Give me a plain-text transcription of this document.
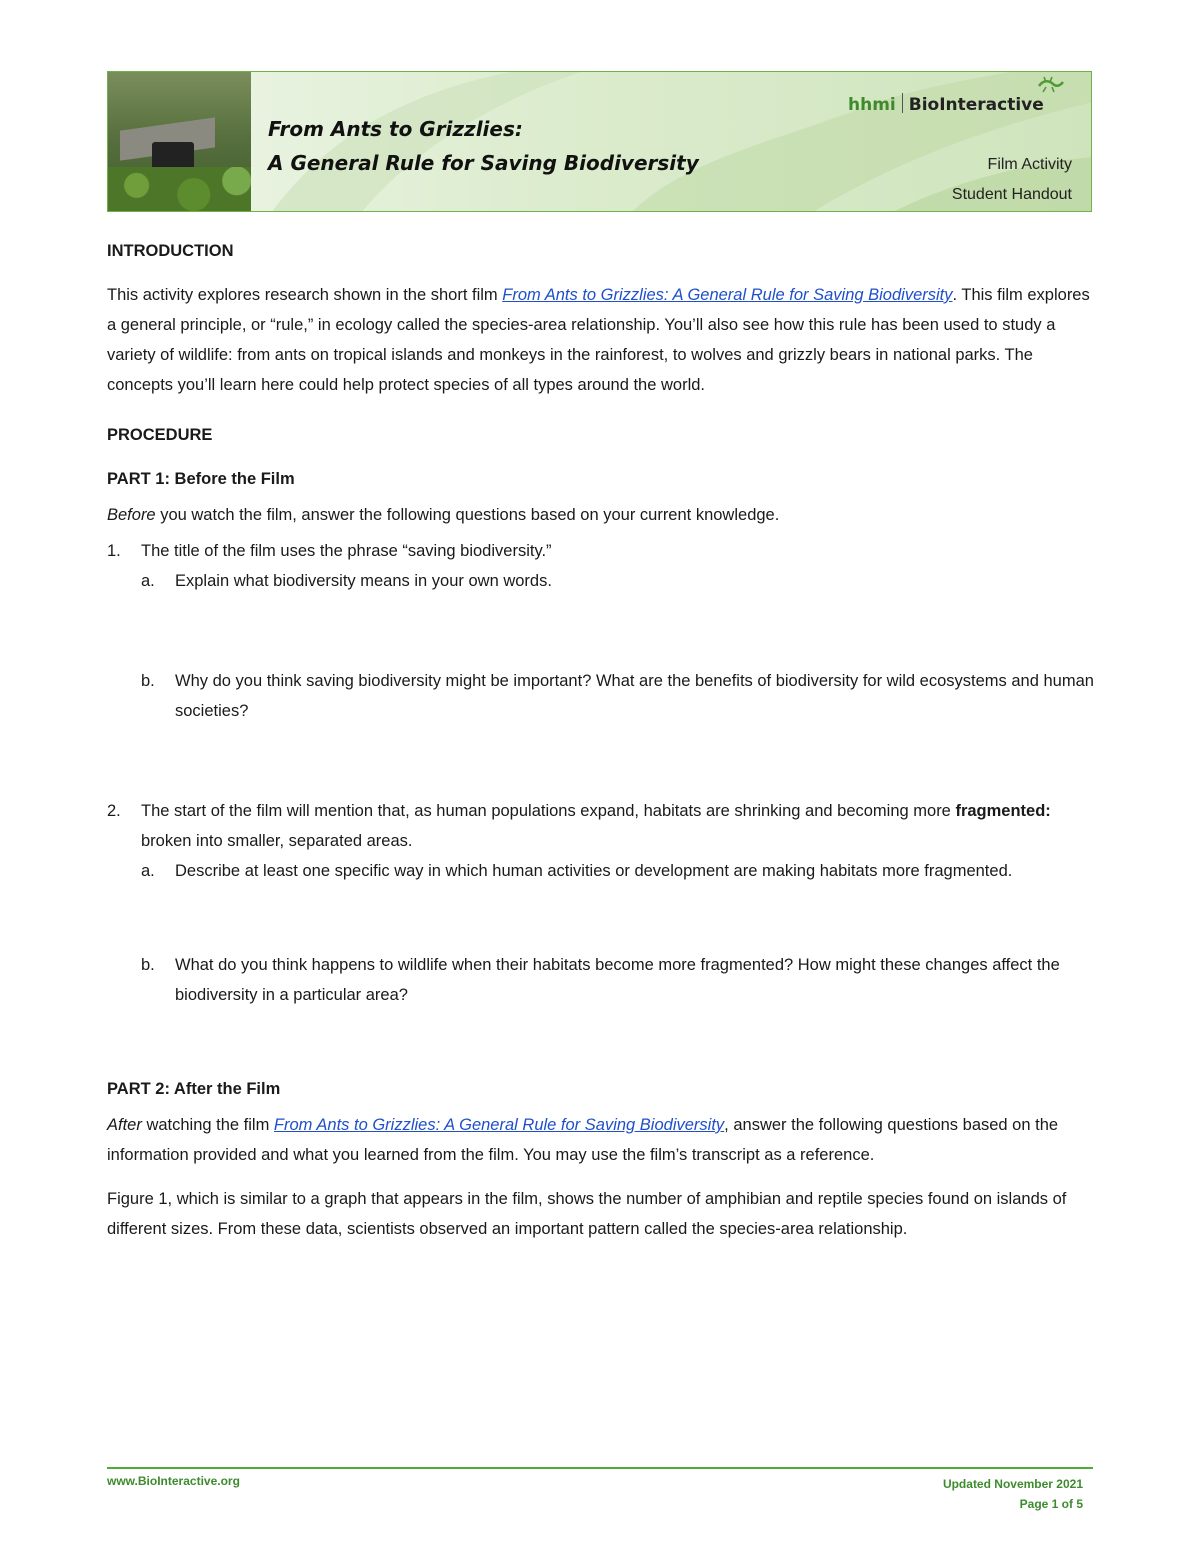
From Ants to Grizzlies:
A General Rule for Saving Biodiversity
hhmi BioInteractive
Film Activity
Student Handout

INTRODUCTION

This activity explores research shown in the short film From Ants to Grizzlies: A General Rule for Saving Biodiversity. This film explores a general principle, or “rule,” in ecology called the species-area relationship. You’ll also see how this rule has been used to study a variety of wildlife: from ants on tropical islands and monkeys in the rainforest, to wolves and grizzly bears in national parks. The concepts you’ll learn here could help protect species of all types around the world.

PROCEDURE

PART 1: Before the Film

Before you watch the film, answer the following questions based on your current knowledge.

1. The title of the film uses the phrase “saving biodiversity.”
a. Explain what biodiversity means in your own words.
b. Why do you think saving biodiversity might be important? What are the benefits of biodiversity for wild ecosystems and human societies?
2. The start of the film will mention that, as human populations expand, habitats are shrinking and becoming more fragmented: broken into smaller, separated areas.
a. Describe at least one specific way in which human activities or development are making habitats more fragmented.
b. What do you think happens to wildlife when their habitats become more fragmented? How might these changes affect the biodiversity in a particular area?

PART 2: After the Film

After watching the film From Ants to Grizzlies: A General Rule for Saving Biodiversity, answer the following questions based on the information provided and what you learned from the film. You may use the film’s transcript as a reference.

Figure 1, which is similar to a graph that appears in the film, shows the number of amphibian and reptile species found on islands of different sizes. From these data, scientists observed an important pattern called the species-area relationship.

www.BioInteractive.org	Updated November 2021
Page 1 of 5
